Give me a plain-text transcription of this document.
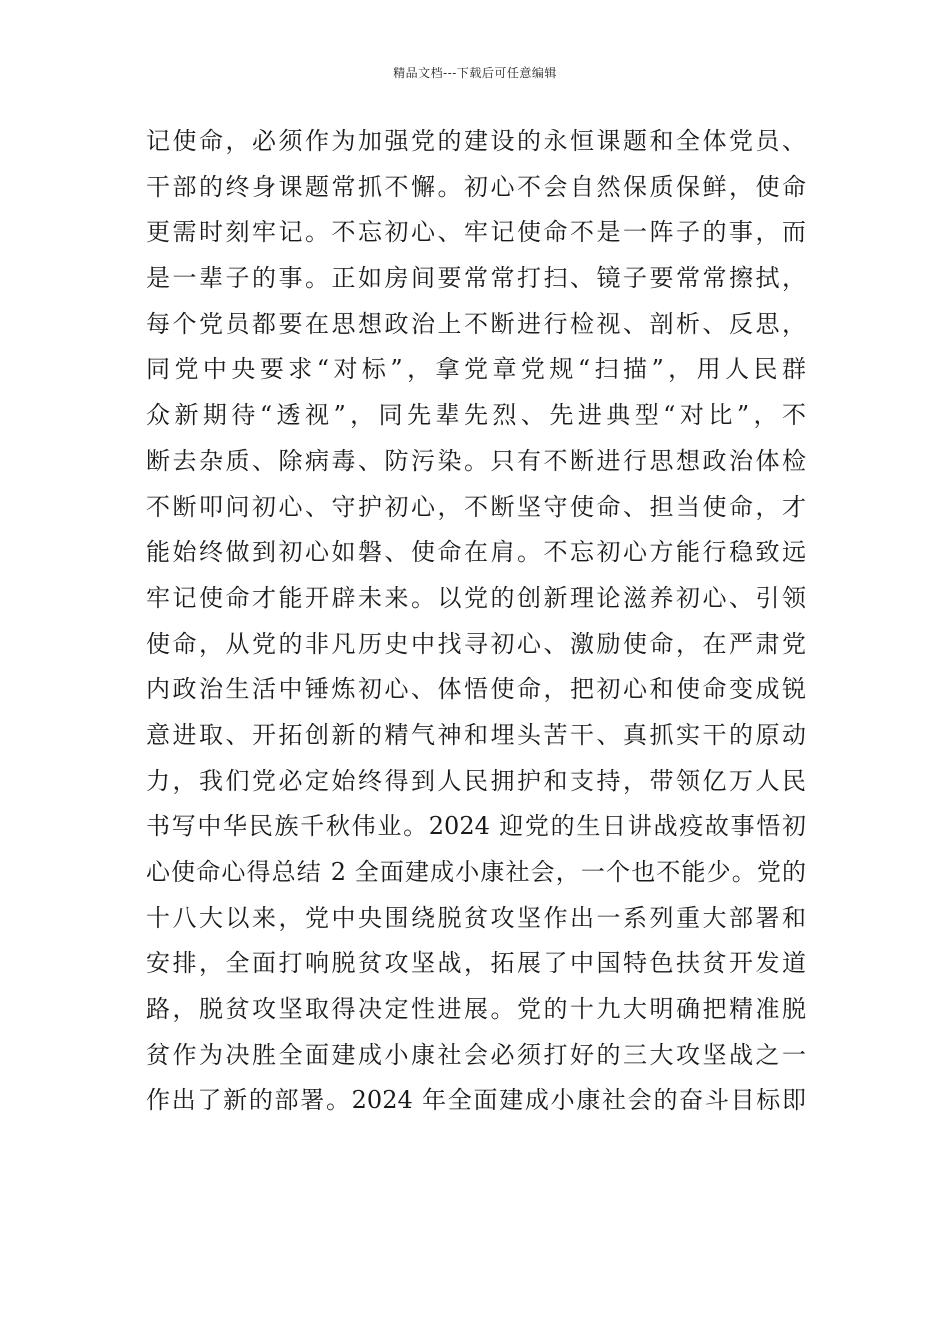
精品文档---下载后可任意编辑
记使命，必须作为加强党的建设的永恒课题和全体党员、
干部的终身课题常抓不懈。初心不会自然保质保鲜，使命
更需时刻牢记。不忘初心、牢记使命不是一阵子的事，而
是一辈子的事。正如房间要常常打扫、镜子要常常擦拭，
每个党员都要在思想政治上不断进行检视、剖析、反思，
同党中央要求“对标”，拿党章党规“扫描”，用人民群
众新期待“透视”，同先辈先烈、先进典型“对比”，不
断去杂质、除病毒、防污染。只有不断进行思想政治体检
不断叩问初心、守护初心，不断坚守使命、担当使命，才
能始终做到初心如磐、使命在肩。不忘初心方能行稳致远
牢记使命才能开辟未来。以党的创新理论滋养初心、引领
使命，从党的非凡历史中找寻初心、激励使命，在严肃党
内政治生活中锤炼初心、体悟使命，把初心和使命变成锐
意进取、开拓创新的精气神和埋头苦干、真抓实干的原动
力，我们党必定始终得到人民拥护和支持，带领亿万人民
书写中华民族千秋伟业。2024 迎党的生日讲战疫故事悟初
心使命心得总结 2 全面建成小康社会，一个也不能少。党的
十八大以来，党中央围绕脱贫攻坚作出一系列重大部署和
安排，全面打响脱贫攻坚战，拓展了中国特色扶贫开发道
路，脱贫攻坚取得决定性进展。党的十九大明确把精准脱
贫作为决胜全面建成小康社会必须打好的三大攻坚战之一
作出了新的部署。2024 年全面建成小康社会的奋斗目标即
